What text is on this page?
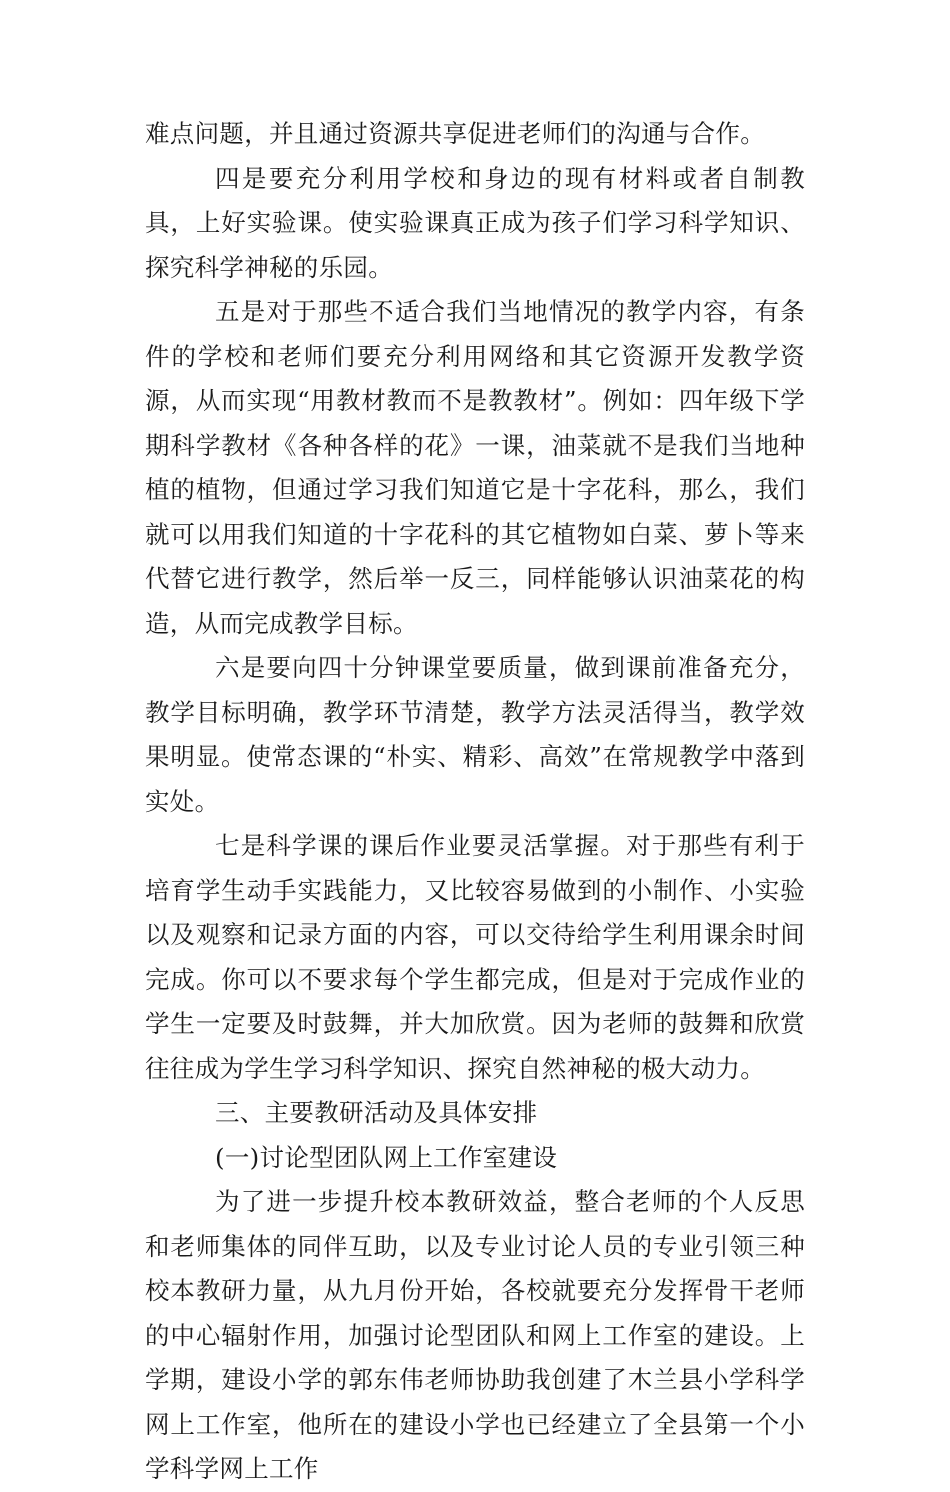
难点问题，并且通过资源共享促进老师们的沟通与合作。

四是要充分利用学校和身边的现有材料或者自制教具，上好实验课。使实验课真正成为孩子们学习科学知识、探究科学神秘的乐园。

五是对于那些不适合我们当地情况的教学内容，有条件的学校和老师们要充分利用网络和其它资源开发教学资源，从而实现“用教材教而不是教教材”。例如：四年级下学期科学教材《各种各样的花》一课，油菜就不是我们当地种植的植物，但通过学习我们知道它是十字花科，那么，我们就可以用我们知道的十字花科的其它植物如白菜、萝卜等来代替它进行教学，然后举一反三，同样能够认识油菜花的构造，从而完成教学目标。

六是要向四十分钟课堂要质量，做到课前准备充分，教学目标明确，教学环节清楚，教学方法灵活得当，教学效果明显。使常态课的“朴实、精彩、高效”在常规教学中落到实处。

七是科学课的课后作业要灵活掌握。对于那些有利于培育学生动手实践能力，又比较容易做到的小制作、小实验以及观察和记录方面的内容，可以交待给学生利用课余时间完成。你可以不要求每个学生都完成，但是对于完成作业的学生一定要及时鼓舞，并大加欣赏。因为老师的鼓舞和欣赏往往成为学生学习科学知识、探究自然神秘的极大动力。

三、主要教研活动及具体安排

(一)讨论型团队网上工作室建设

为了进一步提升校本教研效益，整合老师的个人反思和老师集体的同伴互助，以及专业讨论人员的专业引领三种校本教研力量，从九月份开始，各校就要充分发挥骨干老师的中心辐射作用，加强讨论型团队和网上工作室的建设。上学期，建设小学的郭东伟老师协助我创建了木兰县小学科学网上工作室，他所在的建设小学也已经建立了全县第一个小学科学网上工作
